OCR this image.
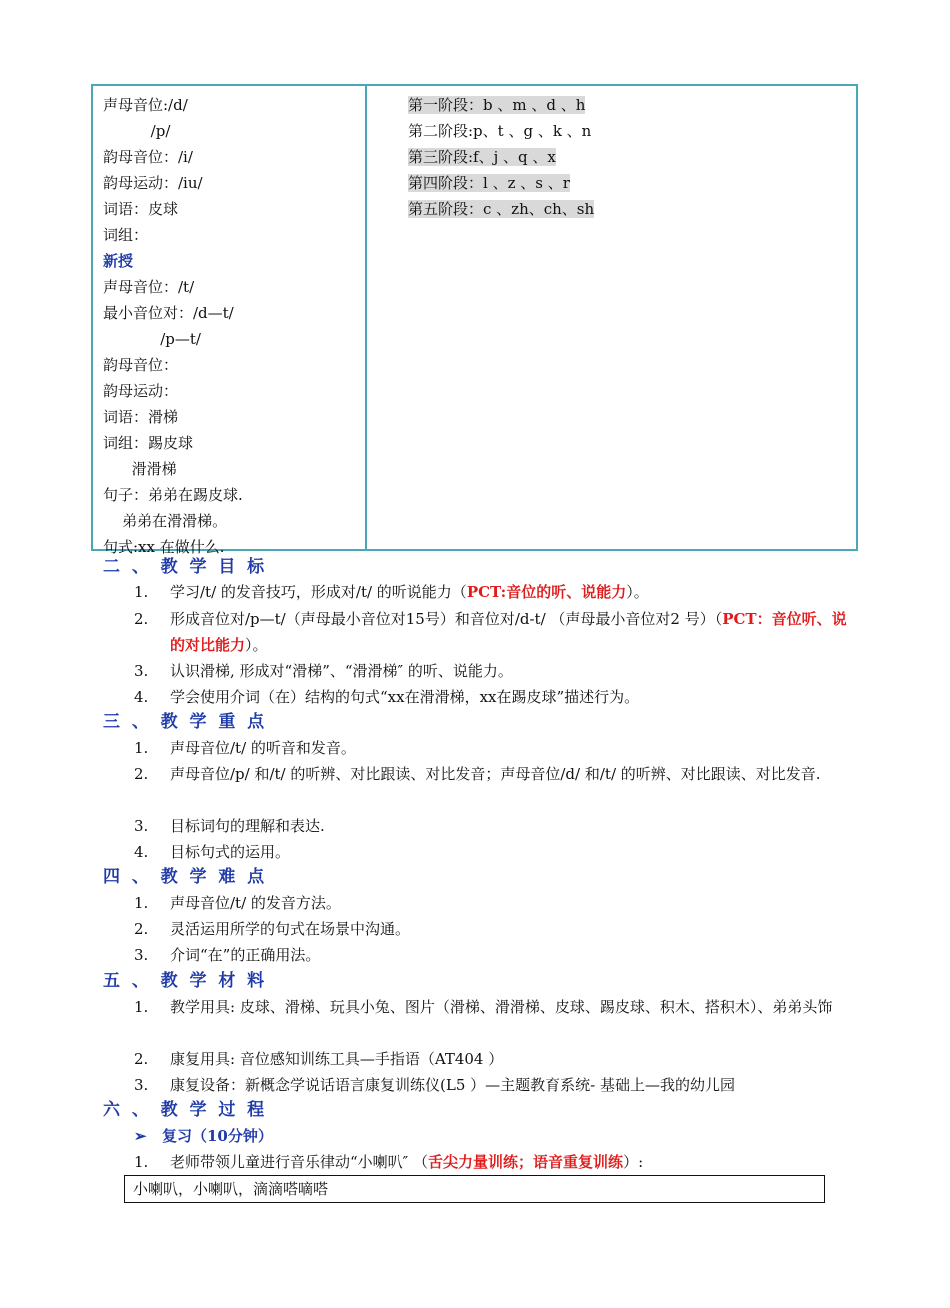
声母音位:/d/
/p/
韵母音位：/i/
韵母运动：/iu/
词语：皮球
词组：
新授
声母音位：/t/
最小音位对：/d—t/
/p—t/
韵母音位：
韵母运动：
词语：滑梯
词组：踢皮球
滑滑梯
句子：弟弟在踢皮球.
弟弟在滑滑梯。
句式:xx 在做什么.
第一阶段：b 、m 、d 、h
第二阶段:p、t 、g 、k 、n
第三阶段:f、j 、q 、x
第四阶段：l 、z 、s 、r
第五阶段：c 、zh、ch、sh
二  、  教  学  目  标
1.	学习/t/ 的发音技巧，形成对/t/ 的听说能力（PCT:音位的听、说能力）。
2.	形成音位对/p—t/（声母最小音位对15号）和音位对/d-t/ （声母最小音位对2 号）（PCT：音位听、说的对比能力）。
3.	认识滑梯, 形成对“滑梯”、“滑滑梯″ 的听、说能力。
4.	学会使用介词（在）结构的句式“xx在滑滑梯，xx在踢皮球”描述行为。
三  、  教  学  重  点
1.	声母音位/t/ 的听音和发音。
2.	声母音位/p/ 和/t/ 的听辨、对比跟读、对比发音；声母音位/d/ 和/t/ 的听辨、对比跟读、对比发音.
3.	目标词句的理解和表达.
4.	目标句式的运用。
四  、  教  学  难  点
1.	声母音位/t/ 的发音方法。
2.	灵活运用所学的句式在场景中沟通。
3.	介词“在”的正确用法。
五  、  教  学  材  料
1.	教学用具: 皮球、滑梯、玩具小兔、图片（滑梯、滑滑梯、皮球、踢皮球、积木、搭积木）、弟弟头饰
2.	康复用具: 音位感知训练工具—手指语（AT404 ）
3.	康复设备：新概念学说话语言康复训练仪(L5 ）—主题教育系统- 基础上—我的幼儿园
六  、  教  学  过  程
➢ 复习（10分钟）
1.	老师带领儿童进行音乐律动“小喇叭″ （舌尖力量训练；语音重复训练）:
小喇叭，小喇叭，滴滴嗒嘀嗒
